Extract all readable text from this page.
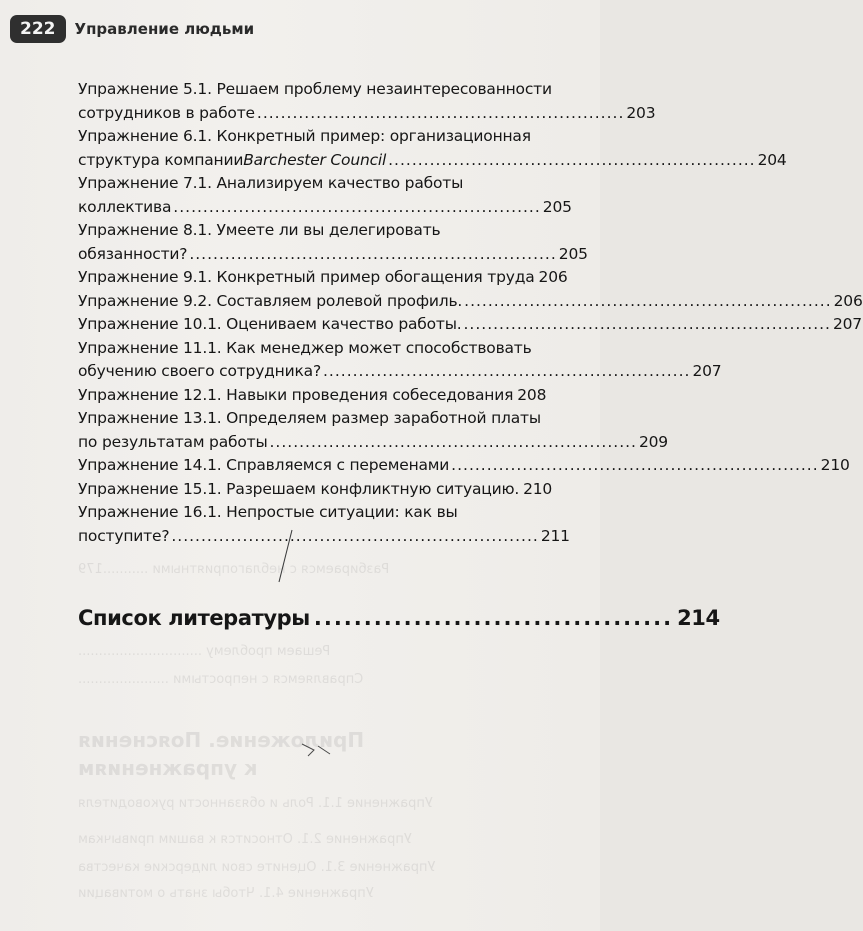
Приложение. Пояснения
к упражнениям
Упражнение 1.1. Роль и обязанности руководителя
Упражнение 2.1. Относится к вашим привычкам
Упражнение 3.1. Оцените свои лидерские качества
Упражнение 4.1. Чтобы знать о мотивации
Разбираемся с неблагоприятными ...........179
Решаем проблему ..............................
Справляемся с непростыми ......................
222	Управление людьми
Упражнение 5.1. Решаем проблему незаинтересованности
сотрудников в работе .............................................................. 203
Упражнение 6.1. Конкретный пример: организационная
структура компании Barchester Council .............................................................. 204
Упражнение 7.1. Анализируем качество работы
коллектива .............................................................. 205
Упражнение 8.1. Умеете ли вы делегировать
обязанности? .............................................................. 205
Упражнение 9.1. Конкретный пример обогащения труда 206
Упражнение 9.2. Составляем ролевой профиль. .............................................................. 206
Упражнение 10.1. Оцениваем качество работы. .............................................................. 207
Упражнение 11.1. Как менеджер может способствовать
обучению своего сотрудника? .............................................................. 207
Упражнение 12.1. Навыки проведения собеседования 208
Упражнение 13.1. Определяем размер заработной платы
по результатам работы .............................................................. 209
Упражнение 14.1. Справляемся с переменами .............................................................. 210
Упражнение 15.1. Разрешаем конфликтную ситуацию. 210
Упражнение 16.1. Непростые ситуации: как вы
поступите? .............................................................. 211
Список литературы .................................... 214
